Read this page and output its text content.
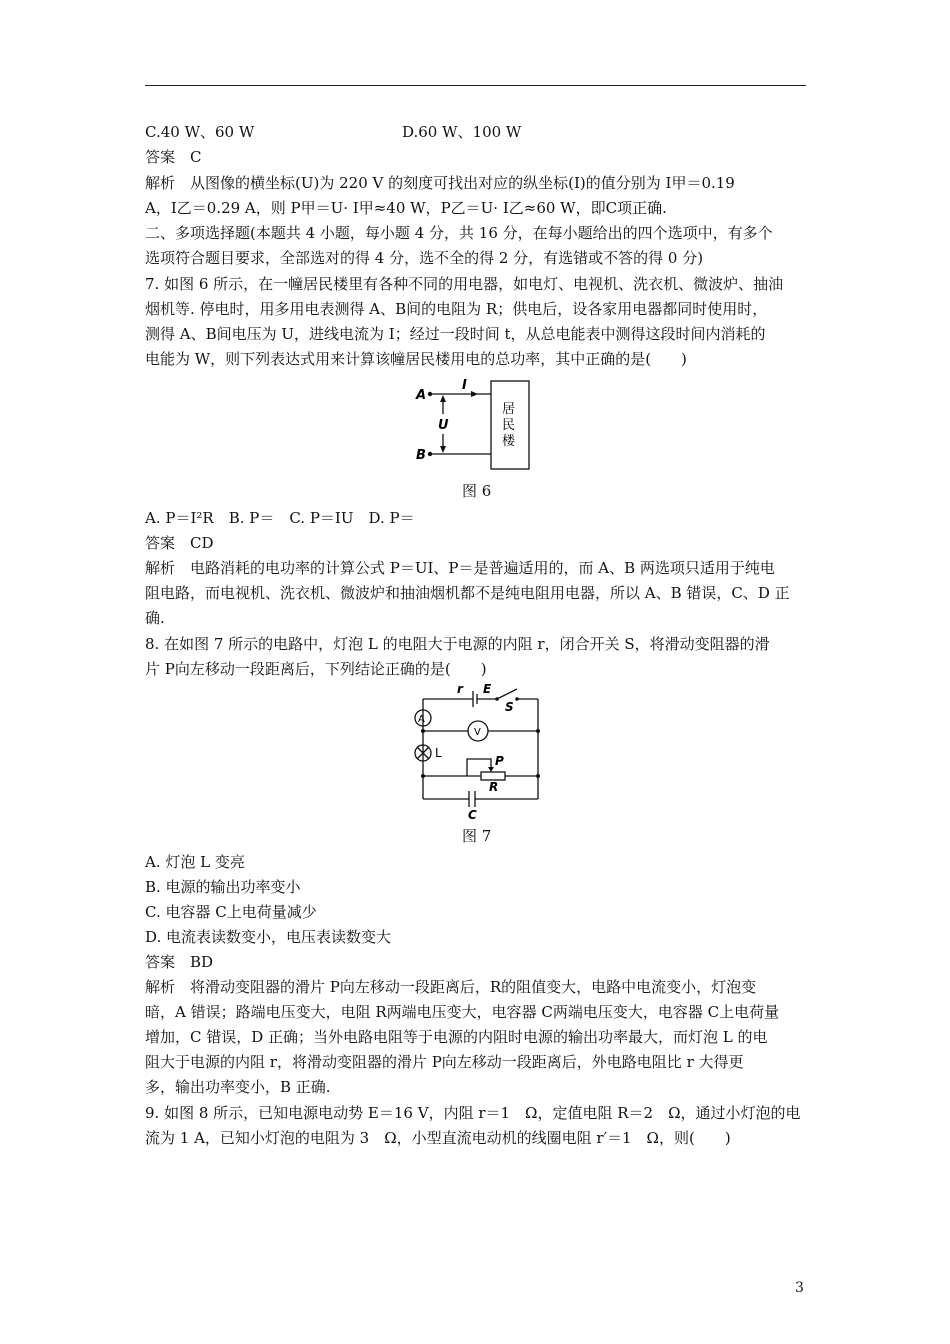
C.40 W、60 W	D.60 W、100 W
答案　C
解析　从图像的横坐标(U)为 220 V 的刻度可找出对应的纵坐标(I)的值分别为 I甲＝0.19
A，I乙＝0.29 A，则 P甲＝U· I甲≈40 W，P乙＝U· I乙≈60 W，即C项正确.
二、多项选择题(本题共 4 小题，每小题 4 分，共 16 分，在每小题给出的四个选项中，有多个
选项符合题目要求，全部选对的得 4 分，选不全的得 2 分，有选错或不答的得 0 分)
7. 如图 6 所示，在一幢居民楼里有各种不同的用电器，如电灯、电视机、洗衣机、微波炉、抽油
烟机等. 停电时，用多用电表测得 A、B间的电阻为 R；供电后，设各家用电器都同时使用时，
测得 A、B间电压为 U，进线电流为 I；经过一段时间 t，从总电能表中测得这段时间内消耗的
电能为 W，则下列表达式用来计算该幢居民楼用电的总功率，其中正确的是(　　)
A
B
I
U
居
民
楼
图 6
A. P＝I²R　B. P＝　C. P＝IU　D. P＝
答案　CD
解析　电路消耗的电功率的计算公式 P＝UI、P＝是普遍适用的，而 A、B 两选项只适用于纯电
阻电路，而电视机、洗衣机、微波炉和抽油烟机都不是纯电阻用电器，所以 A、B 错误，C、D 正
确.
8. 在如图 7 所示的电路中，灯泡 L 的电阻大于电源的内阻 r，闭合开关 S，将滑动变阻器的滑
片 P向左移动一段距离后，下列结论正确的是(　　)
r E
S
A
V
L
P
R
C
图 7
A. 灯泡 L 变亮
B. 电源的输出功率变小
C. 电容器 C上电荷量减少
D. 电流表读数变小，电压表读数变大
答案　BD
解析　将滑动变阻器的滑片 P向左移动一段距离后，R的阻值变大，电路中电流变小，灯泡变
暗，A 错误；路端电压变大，电阻 R两端电压变大，电容器 C两端电压变大，电容器 C上电荷量
增加，C 错误，D 正确；当外电路电阻等于电源的内阻时电源的输出功率最大，而灯泡 L 的电
阻大于电源的内阻 r，将滑动变阻器的滑片 P向左移动一段距离后，外电路电阻比 r 大得更
多，输出功率变小，B 正确.
9. 如图 8 所示，已知电源电动势 E＝16 V，内阻 r＝1　Ω，定值电阻 R＝2　Ω，通过小灯泡的电
流为 1 A，已知小灯泡的电阻为 3　Ω，小型直流电动机的线圈电阻 r′＝1　Ω，则(　　)
3
